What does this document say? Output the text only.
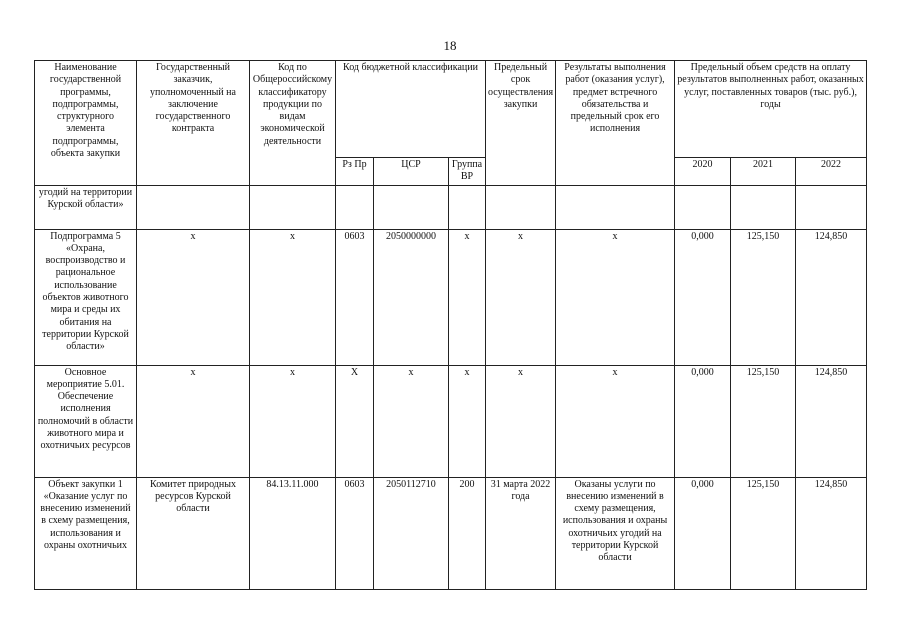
18
Наименование государственной программы, подпрограммы, структурного элемента подпрограммы, объекта закупки	Государственный заказчик, уполномоченный на заключение государственного контракта	Код по Общероссийскому классификатору продукции по видам экономической деятельности	Код бюджетной классификации			Предельный срок осуществления закупки	Результаты выполнения работ (оказания услуг), предмет встречного обязательства и предельный срок его исполнения	Предельный объем средств на оплату результатов выполненных работ, оказанных услуг, поставленных товаров (тыс. руб.), годы		
			Рз Пр	ЦСР	Группа ВР					
								2020	2021	2022
угодий на территории Курской области»										
Подпрограмма 5 «Охрана, воспроизводство и рациональное использование объектов животного мира и среды их обитания на территории Курской области»	х	х	0603	2050000000	х	х	х	0,000	125,150	124,850
Основное мероприятие 5.01. Обеспечение исполнения полномочий в области животного мира и охотничьих ресурсов	х	х	Х	х	х	х	х	0,000	125,150	124,850
Объект закупки 1 «Оказание услуг по внесению изменений в схему размещения, использования и охраны охотничьих	Комитет природных ресурсов Курской области	84.13.11.000	0603	2050112710	200	31 марта 2022 года	Оказаны услуги по внесению изменений в схему размещения, использования и охраны охотничьих угодий на территории Курской области	0,000	125,150	124,850
